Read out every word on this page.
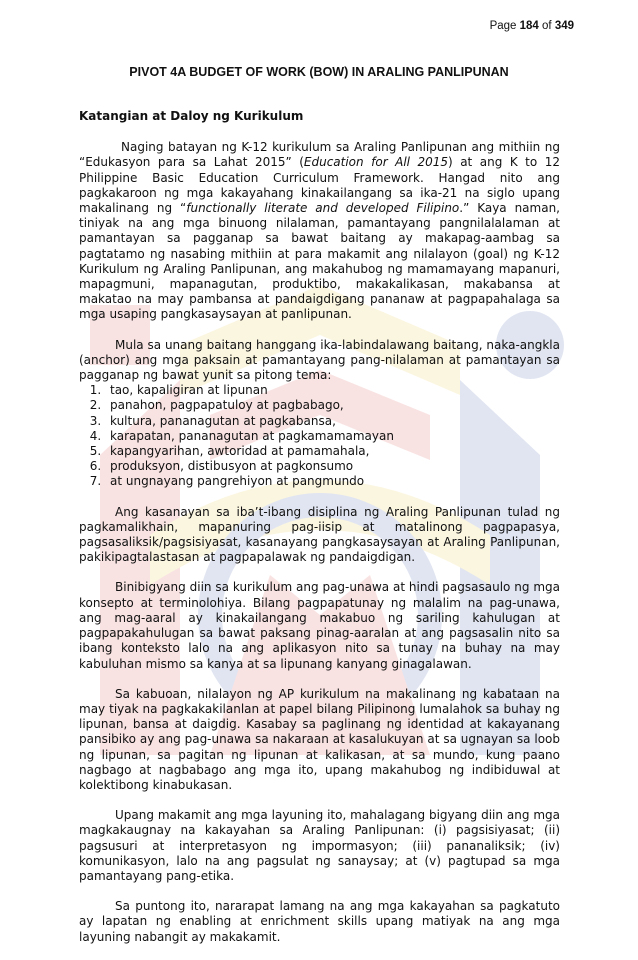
Page 184 of 349
PIVOT 4A BUDGET OF WORK (BOW) IN ARALING PANLIPUNAN
Katangian at Daloy ng Kurikulum

Naging batayan ng K-12 kurikulum sa Araling Panlipunan ang mithiin ng “Edukasyon para sa Lahat 2015” (Education for All 2015) at ang K to 12 Philippine Basic Education Curriculum Framework. Hangad nito ang pagkakaroon ng mga kakayahang kinakailangang sa ika-21 na siglo upang makalinang ng “functionally literate and developed Filipino.” Kaya naman, tiniyak na ang mga binuong nilalaman, pamantayang pangnilalalaman at pamantayan sa pagganap sa bawat baitang ay makapag-aambag sa pagtatamo ng nasabing mithiin at para makamit ang nilalayon (goal) ng K-12 Kurikulum ng Araling Panlipunan, ang makahubog ng mamamayang mapanuri, mapagmuni, mapanagutan, produktibo, makakalikasan, makabansa at makatao na may pambansa at pandaigdigang pananaw at pagpapahalaga sa mga usaping pangkasaysayan at panlipunan.

Mula sa unang baitang hanggang ika-labindalawang baitang, naka-angkla (anchor) ang mga paksain at pamantayang pang-nilalaman at pamantayan sa pagganap ng bawat yunit sa pitong tema:

1. tao, kapaligiran at lipunan
2. panahon, pagpapatuloy at pagbabago,
3. kultura, pananagutan at pagkabansa,
4. karapatan, pananagutan at pagkamamamayan
5. kapangyarihan, awtoridad at pamamahala,
6. produksyon, distibusyon at pagkonsumo
7. at ungnayang pangrehiyon at pangmundo

Ang kasanayan sa iba’t-ibang disiplina ng Araling Panlipunan tulad ng pagkamalikhain, mapanuring pag-iisip at matalinong pagpapasya, pagsasaliksik/pagsisiyasat, kasanayang pangkasaysayan at Araling Panlipunan, pakikipagtalastasan at pagpapalawak ng pandaigdigan.

Binibigyang diin sa kurikulum ang pag-unawa at hindi pagsasaulo ng mga konsepto at terminolohiya. Bilang pagpapatunay ng malalim na pag-unawa, ang mag-aaral ay kinakailangang makabuo ng sariling kahulugan at pagpapakahulugan sa bawat paksang pinag-aaralan at ang pagsasalin nito sa ibang konteksto lalo na ang aplikasyon nito sa tunay na buhay na may kabuluhan mismo sa kanya at sa lipunang kanyang ginagalawan.

Sa kabuoan, nilalayon ng AP kurikulum na makalinang ng kabataan na may tiyak na pagkakakilanlan at papel bilang Pilipinong lumalahok sa buhay ng lipunan, bansa at daigdig. Kasabay sa paglinang ng identidad at kakayanang pansibiko ay ang pag-unawa sa nakaraan at kasalukuyan at sa ugnayan sa loob ng lipunan, sa pagitan ng lipunan at kalikasan, at sa mundo, kung paano nagbago at nagbabago ang mga ito, upang makahubog ng indibiduwal at kolektibong kinabukasan.

Upang makamit ang mga layuning ito, mahalagang bigyang diin ang mga magkakaugnay na kakayahan sa Araling Panlipunan: (i) pagsisiyasat; (ii) pagsusuri at interpretasyon ng impormasyon; (iii) pananaliksik; (iv) komunikasyon, lalo na ang pagsulat ng sanaysay; at (v) pagtupad sa mga pamantayang pang-etika.

Sa puntong ito, nararapat lamang na ang mga kakayahan sa pagkatuto ay lapatan ng enabling at enrichment skills upang matiyak na ang mga layuning nabangit ay makakamit.
